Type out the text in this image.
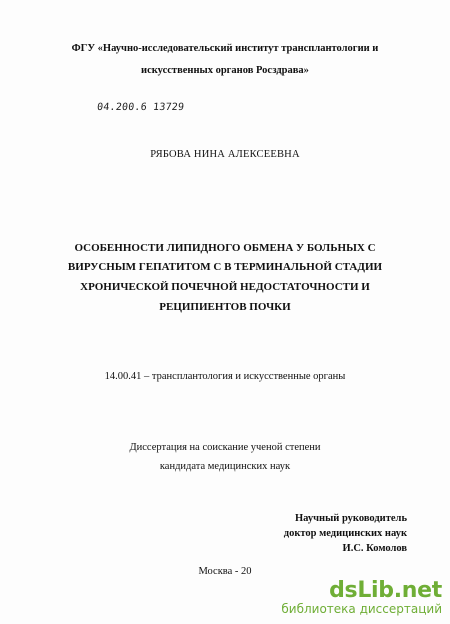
ФГУ «Научно-исследовательский институт трансплантологии и
искусственных органов Росздрава»
04.200.6 13729
РЯБОВА НИНА АЛЕКСЕЕВНА
ОСОБЕННОСТИ ЛИПИДНОГО ОБМЕНА У БОЛЬНЫХ С
ВИРУСНЫМ ГЕПАТИТОМ С В ТЕРМИНАЛЬНОЙ СТАДИИ
ХРОНИЧЕСКОЙ ПОЧЕЧНОЙ НЕДОСТАТОЧНОСТИ И
РЕЦИПИЕНТОВ ПОЧКИ
14.00.41 – трансплантология и искусственные органы
Диссертация на соискание ученой степени
кандидата медицинских наук
Научный руководитель
доктор медицинских наук
И.С. Комолов
Москва - 20
dsLib.net
библиотека диссертаций
